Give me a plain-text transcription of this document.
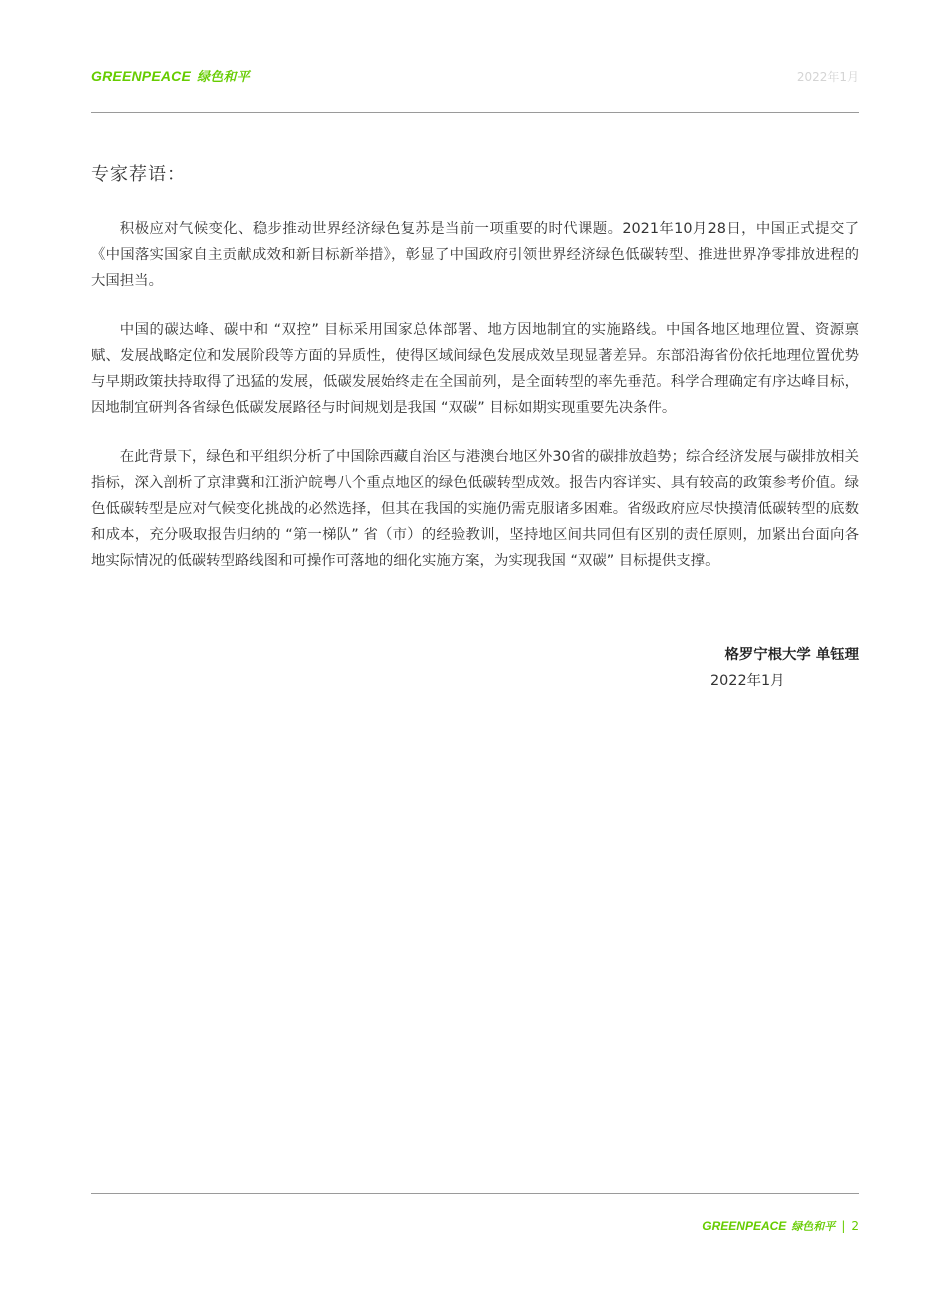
GREENPEACE 绿色和平	2022年1月
专家荐语：

积极应对气候变化、稳步推动世界经济绿色复苏是当前一项重要的时代课题。2021年10月28日，中国正式提交了《中国落实国家自主贡献成效和新目标新举措》，彰显了中国政府引领世界经济绿色低碳转型、推进世界净零排放进程的大国担当。

中国的碳达峰、碳中和 “双控” 目标采用国家总体部署、地方因地制宜的实施路线。中国各地区地理位置、资源禀赋、发展战略定位和发展阶段等方面的异质性，使得区域间绿色发展成效呈现显著差异。东部沿海省份依托地理位置优势与早期政策扶持取得了迅猛的发展，低碳发展始终走在全国前列，是全面转型的率先垂范。科学合理确定有序达峰目标，因地制宜研判各省绿色低碳发展路径与时间规划是我国 “双碳” 目标如期实现重要先决条件。

在此背景下，绿色和平组织分析了中国除西藏自治区与港澳台地区外30省的碳排放趋势；综合经济发展与碳排放相关指标，深入剖析了京津冀和江浙沪皖粤八个重点地区的绿色低碳转型成效。报告内容详实、具有较高的政策参考价值。绿色低碳转型是应对气候变化挑战的必然选择，但其在我国的实施仍需克服诸多困难。省级政府应尽快摸清低碳转型的底数和成本，充分吸取报告归纳的 “第一梯队” 省（市）的经验教训，坚持地区间共同但有区别的责任原则，加紧出台面向各地实际情况的低碳转型路线图和可操作可落地的细化实施方案，为实现我国 “双碳” 目标提供支撑。

格罗宁根大学 单钰理
2022年1月
GREENPEACE 绿色和平 | 2
